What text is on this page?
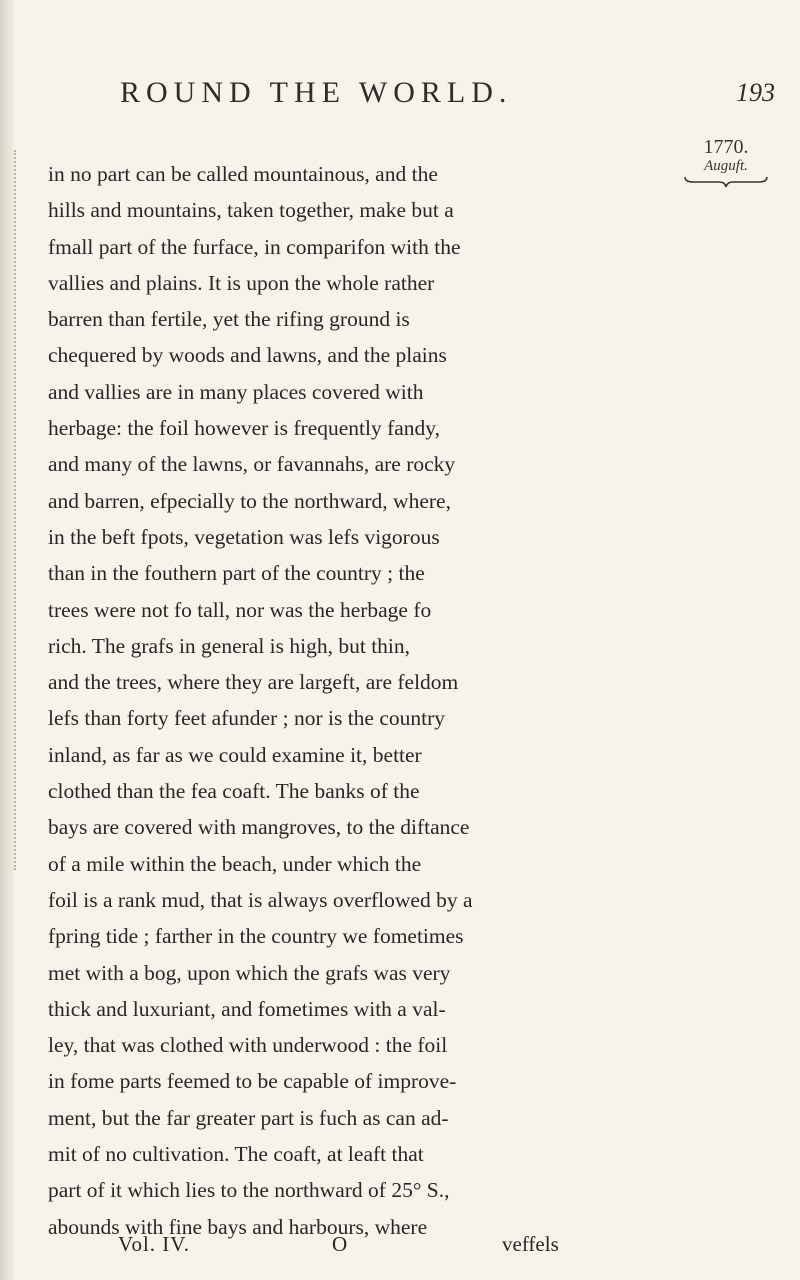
ROUND THE WORLD.	193
1770.
Auguft.
in no part can be called mountainous, and the
hills and mountains, taken together, make but a
fmall part of the furface, in comparifon with the
vallies and plains. It is upon the whole rather
barren than fertile, yet the rifing ground is
chequered by woods and lawns, and the plains
and vallies are in many places covered with
herbage: the foil however is frequently fandy,
and many of the lawns, or favannahs, are rocky
and barren, efpecially to the northward, where,
in the beft fpots, vegetation was lefs vigorous
than in the fouthern part of the country ; the
trees were not fo tall, nor was the herbage fo
rich. The grafs in general is high, but thin,
and the trees, where they are largeft, are feldom
lefs than forty feet afunder ; nor is the country
inland, as far as we could examine it, better
clothed than the fea coaft. The banks of the
bays are covered with mangroves, to the diftance
of a mile within the beach, under which the
foil is a rank mud, that is always overflowed by a
fpring tide ; farther in the country we fometimes
met with a bog, upon which the grafs was very
thick and luxuriant, and fometimes with a val-
ley, that was clothed with underwood : the foil
in fome parts feemed to be capable of improve-
ment, but the far greater part is fuch as can ad-
mit of no cultivation. The coaft, at leaft that
part of it which lies to the northward of 25° S.,
abounds with fine bays and harbours, where
Vol. IV.	O	veffels
